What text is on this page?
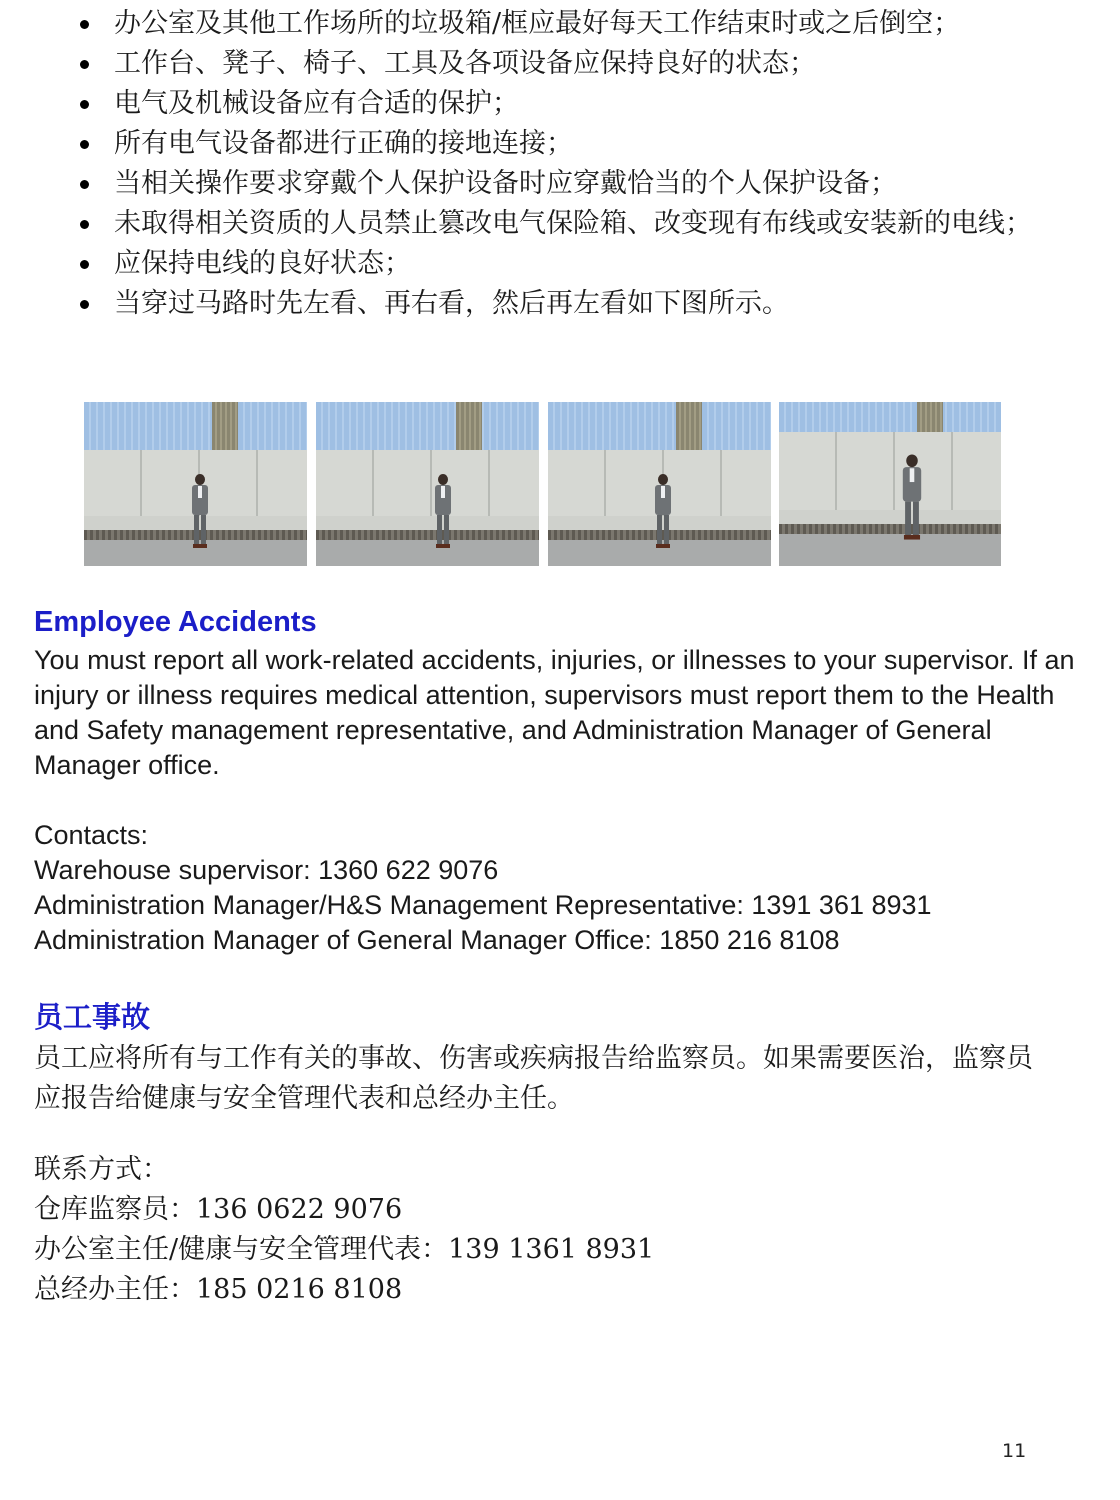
办公室及其他工作场所的垃圾箱/框应最好每天工作结束时或之后倒空；
工作台、凳子、椅子、工具及各项设备应保持良好的状态；
电气及机械设备应有合适的保护；
所有电气设备都进行正确的接地连接；
当相关操作要求穿戴个人保护设备时应穿戴恰当的个人保护设备；
未取得相关资质的人员禁止篡改电气保险箱、改变现有布线或安装新的电线；
应保持电线的良好状态；
当穿过马路时先左看、再右看，然后再左看如下图所示。
Employee Accidents

You must report all work-related accidents, injuries, or illnesses to your supervisor. If an injury or illness requires medical attention, supervisors must report them to the Health and Safety management representative, and Administration Manager of General Manager office.

Contacts:
Warehouse supervisor: 1360 622 9076
Administration Manager/H&S Management Representative: 1391 361 8931
Administration Manager of General Manager Office: 1850 216 8108
员工事故

员工应将所有与工作有关的事故、伤害或疾病报告给监察员。如果需要医治，监察员应报告给健康与安全管理代表和总经办主任。

联系方式：
仓库监察员：136 0622 9076
办公室主任/健康与安全管理代表：139 1361 8931
总经办主任：185 0216 8108
11
